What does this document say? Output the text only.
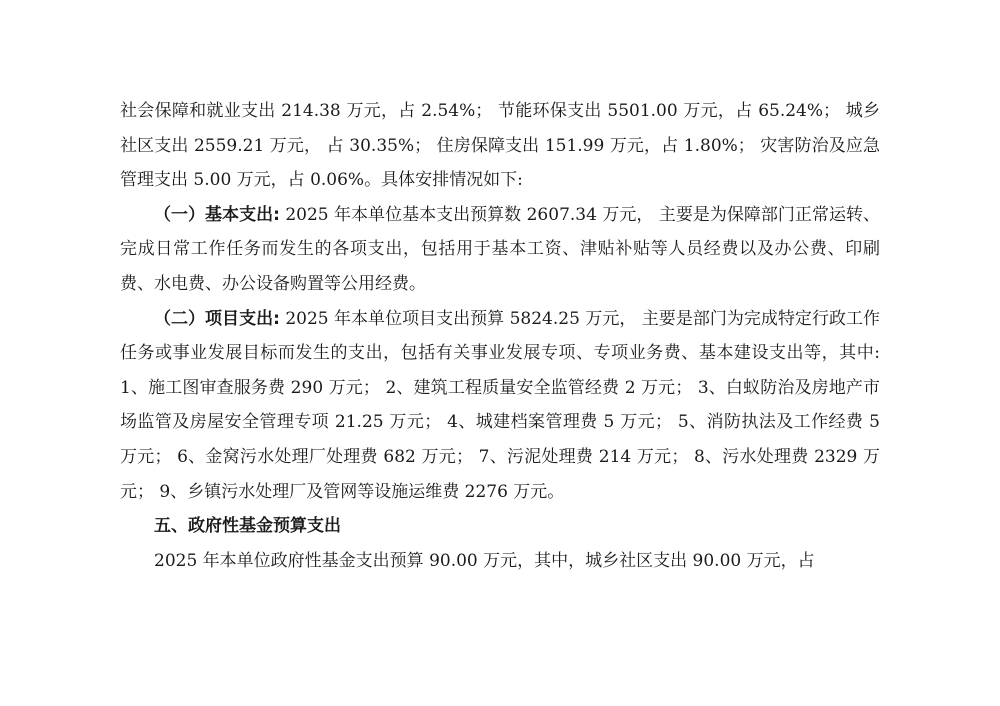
社会保障和就业支出 214.38 万元，占 2.54%； 节能环保支出 5501.00 万元，占 65.24%； 城乡社区支出 2559.21 万元， 占 30.35%； 住房保障支出 151.99 万元，占 1.80%； 灾害防治及应急管理支出 5.00 万元，占 0.06%。具体安排情况如下:

（一）基本支出: 2025 年本单位基本支出预算数 2607.34 万元， 主要是为保障部门正常运转、完成日常工作任务而发生的各项支出，包括用于基本工资、津贴补贴等人员经费以及办公费、印刷费、水电费、办公设备购置等公用经费。

（二）项目支出: 2025 年本单位项目支出预算 5824.25 万元， 主要是部门为完成特定行政工作任务或事业发展目标而发生的支出，包括有关事业发展专项、专项业务费、基本建设支出等，其中: 1、施工图审查服务费 290 万元； 2、建筑工程质量安全监管经费 2 万元； 3、白蚁防治及房地产市场监管及房屋安全管理专项 21.25 万元； 4、城建档案管理费 5 万元； 5、消防执法及工作经费 5 万元； 6、金窝污水处理厂处理费 682 万元； 7、污泥处理费 214 万元； 8、污水处理费 2329 万元； 9、乡镇污水处理厂及管网等设施运维费 2276 万元。

五、政府性基金预算支出

2025 年本单位政府性基金支出预算 90.00 万元，其中，城乡社区支出 90.00 万元，占
